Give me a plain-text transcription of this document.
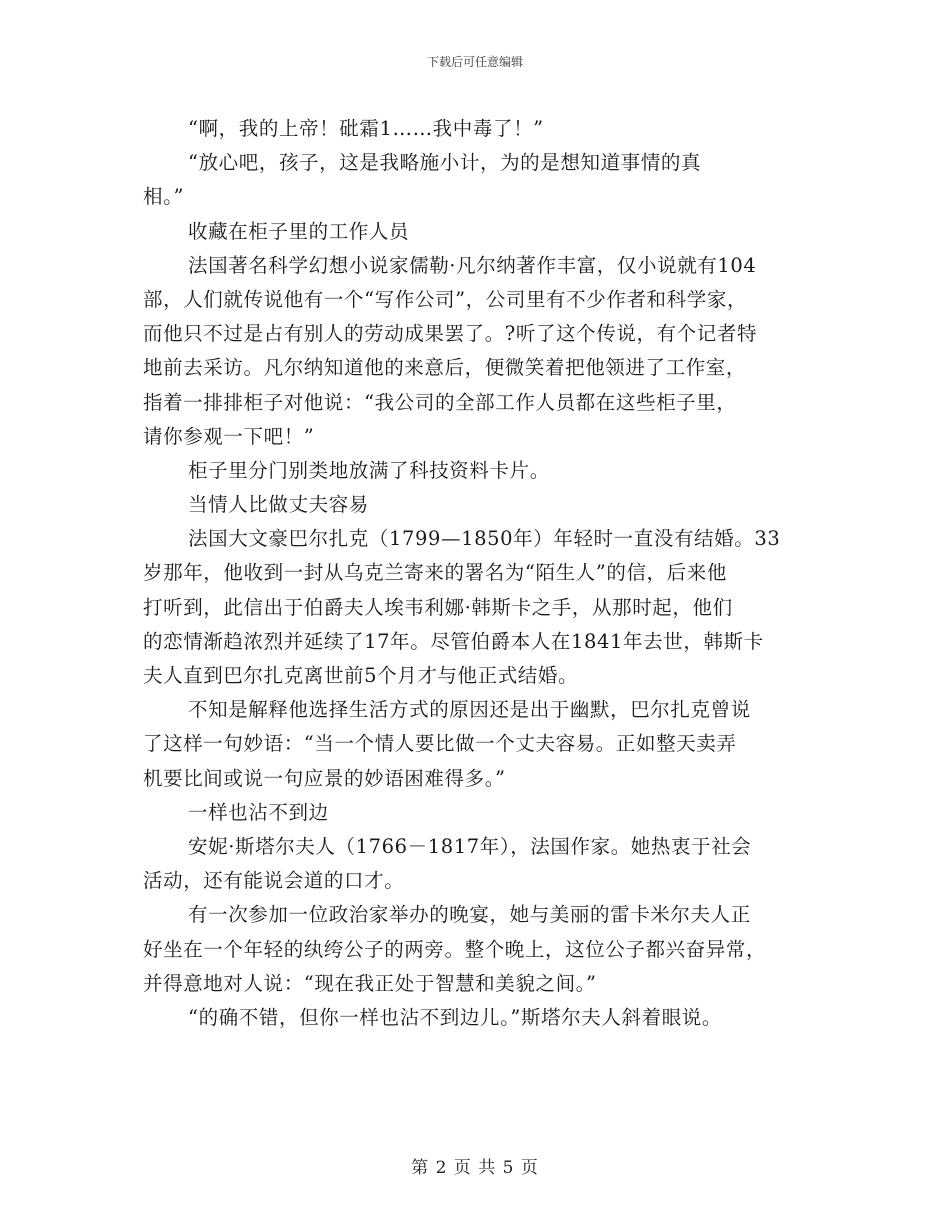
下载后可任意编辑
“啊，我的上帝！砒霜1……我中毒了！”
“放心吧，孩子，这是我略施小计，为的是想知道事情的真
相。”
收藏在柜子里的工作人员
法国著名科学幻想小说家儒勒·凡尔纳著作丰富，仅小说就有104
部，人们就传说他有一个“写作公司”，公司里有不少作者和科学家，
而他只不过是占有别人的劳动成果罢了。?听了这个传说，有个记者特
地前去采访。凡尔纳知道他的来意后，便微笑着把他领进了工作室，
指着一排排柜子对他说：“我公司的全部工作人员都在这些柜子里，
请你参观一下吧！”
柜子里分门别类地放满了科技资料卡片。
当情人比做丈夫容易
法国大文豪巴尔扎克（1799—1850年）年轻时一直没有结婚。33
岁那年，他收到一封从乌克兰寄来的署名为“陌生人”的信，后来他
打听到，此信出于伯爵夫人埃韦利娜·韩斯卡之手，从那时起，他们
的恋情渐趋浓烈并延续了17年。尽管伯爵本人在1841年去世，韩斯卡
夫人直到巴尔扎克离世前5个月才与他正式结婚。
不知是解释他选择生活方式的原因还是出于幽默，巴尔扎克曾说
了这样一句妙语：“当一个情人要比做一个丈夫容易。正如整天卖弄
机要比间或说一句应景的妙语困难得多。”
一样也沾不到边
安妮·斯塔尔夫人（1766－1817年），法国作家。她热衷于社会
活动，还有能说会道的口才。
有一次参加一位政治家举办的晚宴，她与美丽的雷卡米尔夫人正
好坐在一个年轻的纨绔公子的两旁。整个晚上，这位公子都兴奋异常，
并得意地对人说：“现在我正处于智慧和美貌之间。”
“的确不错，但你一样也沾不到边儿。”斯塔尔夫人斜着眼说。
第 2 页 共 5 页
